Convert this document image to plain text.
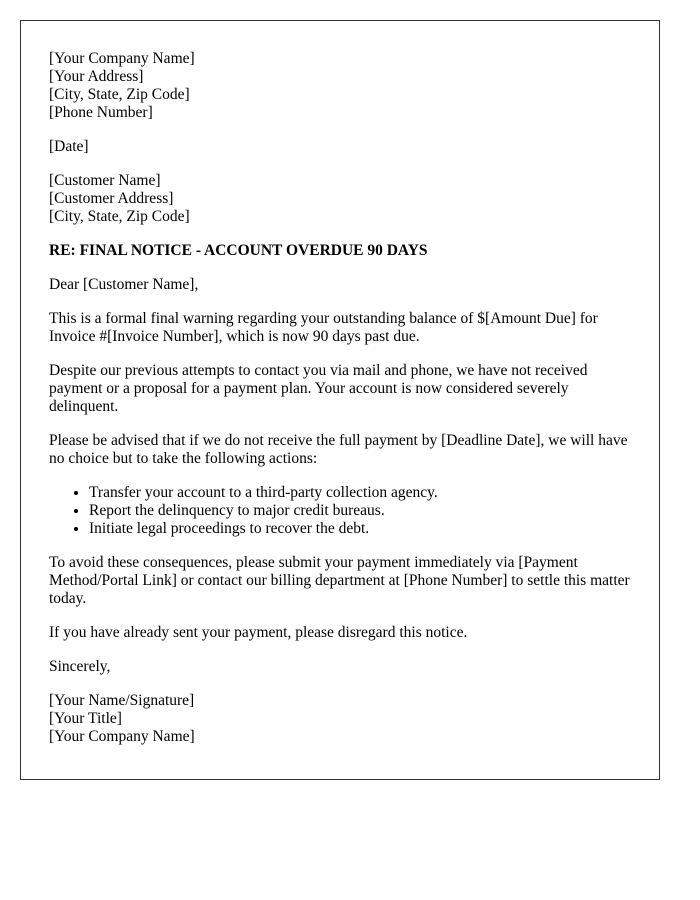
[Your Company Name]
[Your Address]
[City, State, Zip Code]
[Phone Number]
[Date]
[Customer Name]
[Customer Address]
[City, State, Zip Code]
RE: FINAL NOTICE - ACCOUNT OVERDUE 90 DAYS

Dear [Customer Name],

This is a formal final warning regarding your outstanding balance of $[Amount Due] for Invoice #[Invoice Number], which is now 90 days past due.

Despite our previous attempts to contact you via mail and phone, we have not received payment or a proposal for a payment plan. Your account is now considered severely delinquent.

Please be advised that if we do not receive the full payment by [Deadline Date], we will have no choice but to take the following actions:

• Transfer your account to a third-party collection agency.
• Report the delinquency to major credit bureaus.
• Initiate legal proceedings to recover the debt.

To avoid these consequences, please submit your payment immediately via [Payment Method/Portal Link] or contact our billing department at [Phone Number] to settle this matter today.

If you have already sent your payment, please disregard this notice.

Sincerely,

[Your Name/Signature]
[Your Title]
[Your Company Name]
